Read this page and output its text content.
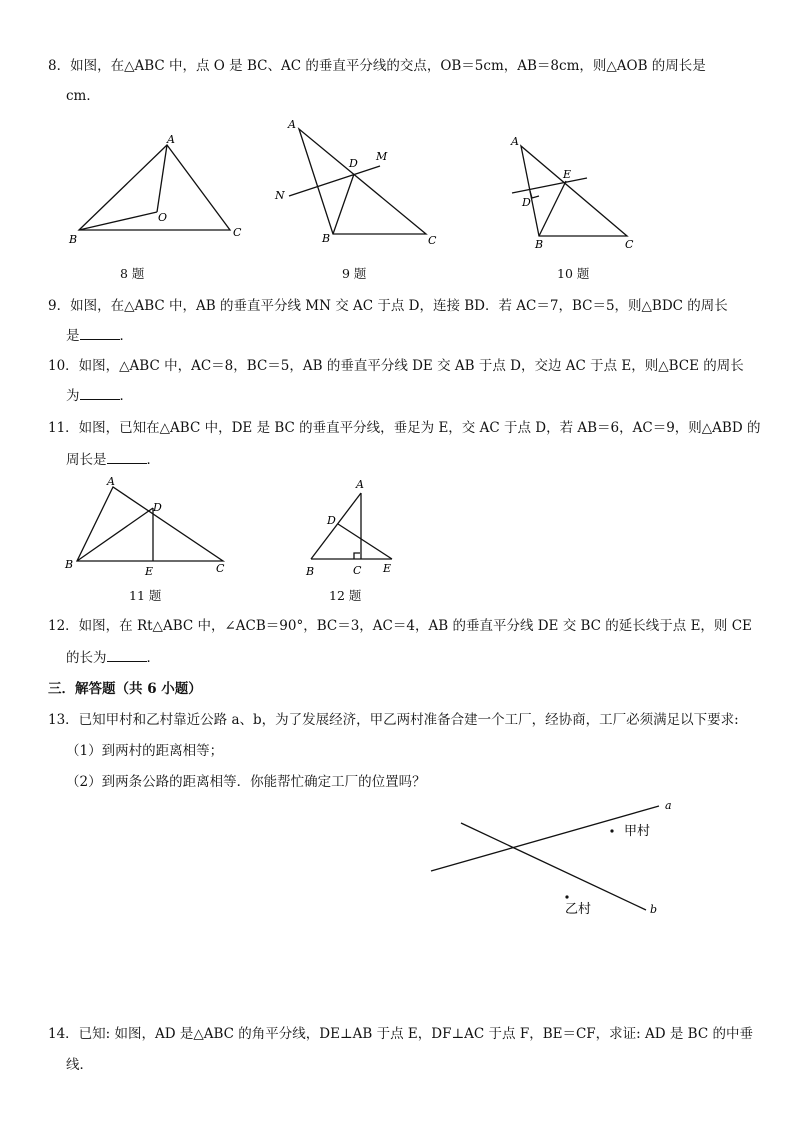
8．如图，在△ABC 中，点 O 是 BC、AC 的垂直平分线的交点，OB＝5cm，AB＝8cm，则△AOB 的周长是
cm．
A
B
C
O
A
B	C
D
M
N
A
B	C
D
E
8 题	9 题	10 题
9．如图，在△ABC 中，AB 的垂直平分线 MN 交 AC 于点 D，连接 BD．若 AC＝7，BC＝5，则△BDC 的周长
是	．
10．如图，△ABC 中，AC＝8，BC＝5，AB 的垂直平分线 DE 交 AB 于点 D，交边 AC 于点 E，则△BCE 的周长
为	．
11．如图，已知在△ABC 中，DE 是 BC 的垂直平分线，垂足为 E，交 AC 于点 D，若 AB＝6，AC＝9，则△ABD 的
周长是	．
A
B	C
D
E
A
B	C
D
E
11 题	12 题
12．如图，在 Rt△ABC 中，∠ACB＝90°，BC＝3，AC＝4，AB 的垂直平分线 DE 交 BC 的延长线于点 E，则 CE
的长为	．
三．解答题（共 6 小题）
13．已知甲村和乙村靠近公路 a、b，为了发展经济，甲乙两村准备合建一个工厂，经协商，工厂必须满足以下要求:
（1）到两村的距离相等；
（2）到两条公路的距离相等．你能帮忙确定工厂的位置吗？
a
b
甲村
乙村
14．已知: 如图，AD 是△ABC 的角平分线，DE⊥AB 于点 E，DF⊥AC 于点 F，BE＝CF，求证: AD 是 BC 的中垂
线．
